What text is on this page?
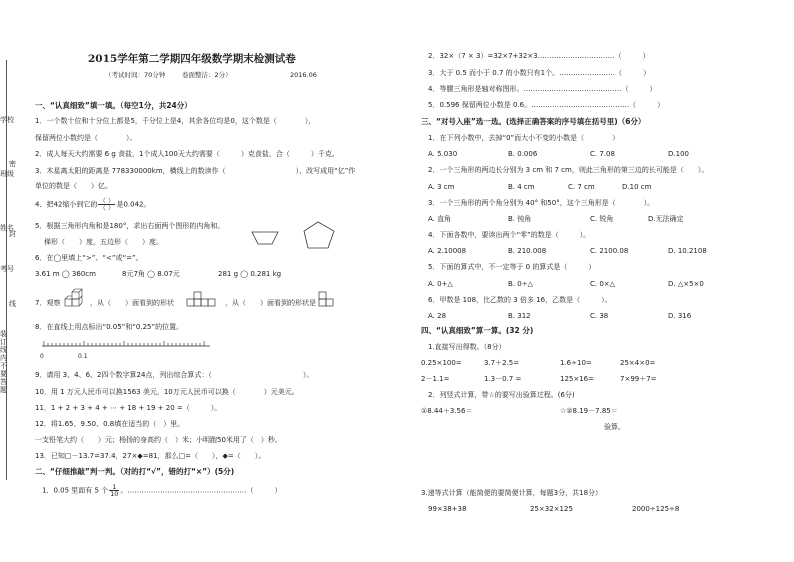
学校
班级
姓名
考号
密
封
线
装订线内不要答题
2015学年第二学期四年级数学期末检测试卷
（考试时间：70分钟	卷面整洁：2分）	2016.06
一、“认真细致”填一填。（每空1分，共24分）
1．一个数十位和十分位上都是5，千分位上是4，其余各位均是0，这个数是（　　　　），
保留两位小数约是（　　　　）。
2．成人每天大约需要 6 g 食盐，1个成人100天大约需要（　　　）克食盐，合（　　　）千克。
3．木星离太阳的距离是 778330000km，横线上的数读作（　　　　　　　　　　），改写成用“亿”作
单位的数是（　　）亿。
4．把42缩小到它的 $\frac{( )}{( )}$ 是0.042。
5．根据三角形内角和是180°，求出右面两个图形的内角和。
梯形（　　）度，五边形（　　）度。
6．在◯里填上“>”、“<”或“=”。
3.61 m ◯ 360cm	8元7角 ◯ 8.07元	281 g ◯ 0.281 kg
7．观察	，从（　　）面看到的形状	，从（　　）面看到的形状是
8．在直线上用点标出“0.05”和“0.25”的位置。
0	0.1
9．请用 3、4、6、2四个数字算24点，列出综合算式：（　　　　　　　　　　　　　）。
10．用 1 万元人民币可以换1563 美元，10万元人民币可以换（　　　　）元美元。
11．1 + 2 + 3 + 4 + ⋯ + 18 + 19 + 20 =（　　　）。
12．将1.65、9.50、0.8填在适当的（　）里。
一支铅笔大约（　　）元；杨扬的身高约（　）米；小明跑50米用了（　）秒。
13．已知□－13.7=37.4，27×◆=81，那么□=（　　），◆=（　　）。
二、“仔细推敲”判一判。（对的打“√”，错的打“×”）(5分)
1．0.05 里面有 5 个 $\frac{1}{10}$ 。……………………………………………（　　　）
2．32×（7 × 3）=32×7+32×3……………………………（　　　）
3．大于 0.5 而小于 0.7 的小数只有1个。……………………（　　　）
4．等腰三角形是轴对称图形。……………………………………（　　　）
5．0.596 保留两位小数是 0.6。……………………………………（　　　）
三、“对号入座”选一选。(选择正确答案的序号填在括号里)（6分）
1．在下列小数中，去掉“0”而大小不变的小数是（　　　　）
A. 5.030	B. 0.006	C. 7.08	D.100
2．一个三角形的两边长分别为 3 cm 和 7 cm，则此三角形的第三边的长可能是（　　）。
A. 3 cm	B. 4 cm	C. 7 cm	D.10 cm
3．一个三角形的两个角分别为 40° 和50°，这个三角形是（　　　　）。
A. 直角	B. 钝角	C. 锐角	D.无法确定
4．下面各数中，要读出两个“零”的数是（　　　）。
A. 2.10008	B. 210.008	C. 2100.08	D. 10.2108
5．下面的算式中，不一定等于 0 的算式是（　　　）
A. 0+△	B. 0÷△	C. 0×△	D. △×5×0
6．甲数是 108，比乙数的 3 倍多 16，乙数是（　　　）。
A. 28	B. 312	C. 38	D. 316
四、“认真细致”算一算。(32 分)
1.直接写出得数。（8分）
0.25×100=	3.7＋2.5=	1.6÷10=	25×4×0=
2－1.1=	1.3－0.7 =	125×16=	7×99＋7=
2．列竖式计算，带☆的要写出验算过程。(6分)
①8.44＋3.56＝	☆②8.19－7.85＝
验算。
3.递等式计算（能简便的要简便计算，每题3分，共18分）
99×38+38	25×32×125	2000÷125÷8
